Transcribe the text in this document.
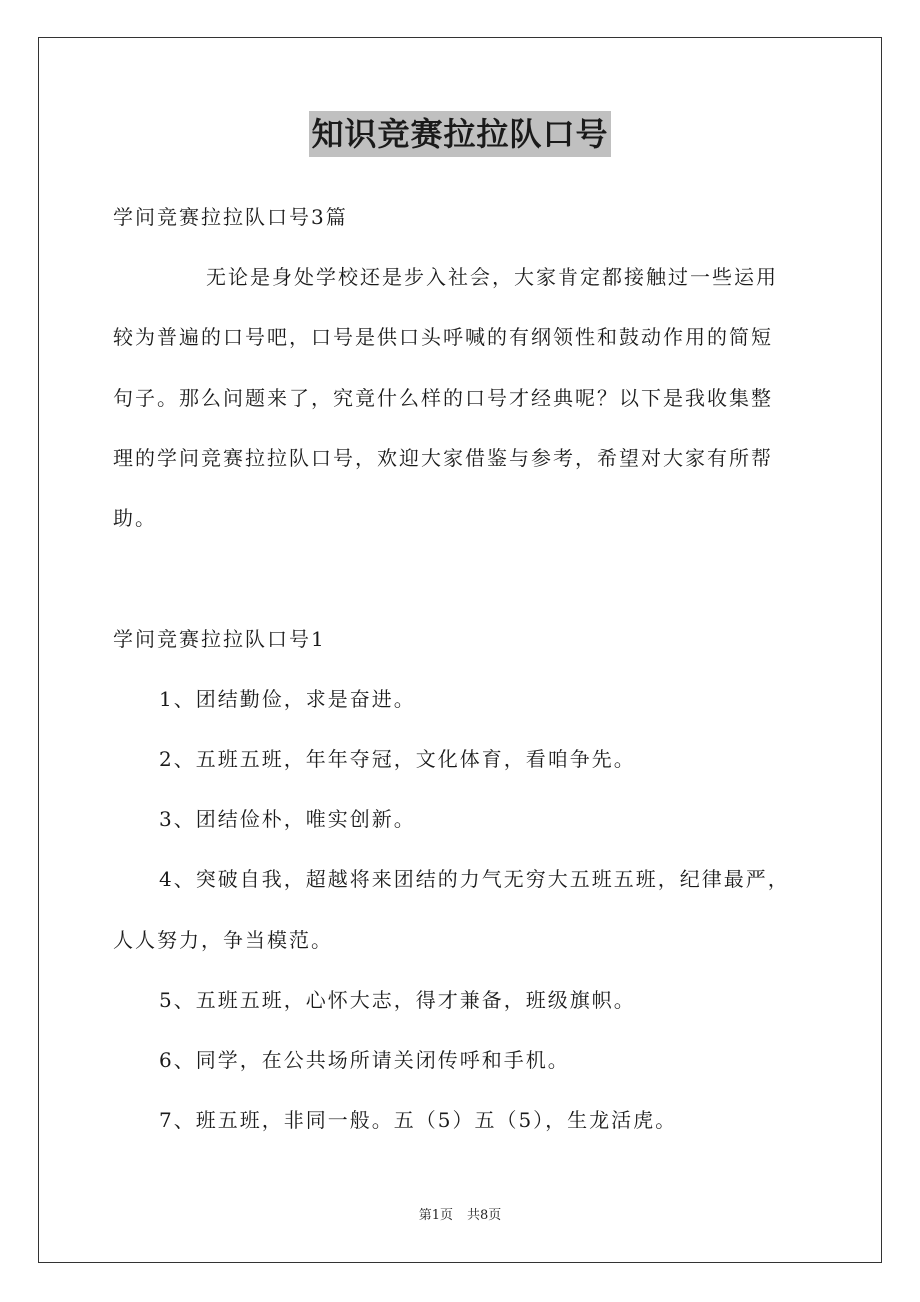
知识竞赛拉拉队口号
学问竞赛拉拉队口号3篇
无论是身处学校还是步入社会，大家肯定都接触过一些运用
较为普遍的口号吧，口号是供口头呼喊的有纲领性和鼓动作用的简短
句子。那么问题来了，究竟什么样的口号才经典呢？以下是我收集整
理的学问竞赛拉拉队口号，欢迎大家借鉴与参考，希望对大家有所帮
助。
学问竞赛拉拉队口号1
1、团结勤俭，求是奋进。
2、五班五班，年年夺冠，文化体育，看咱争先。
3、团结俭朴，唯实创新。
4、突破自我，超越将来团结的力气无穷大五班五班，纪律最严，
人人努力，争当模范。
5、五班五班，心怀大志，得才兼备，班级旗帜。
6、同学，在公共场所请关闭传呼和手机。
7、班五班，非同一般。五（5）五（5），生龙活虎。
第1页 共8页
